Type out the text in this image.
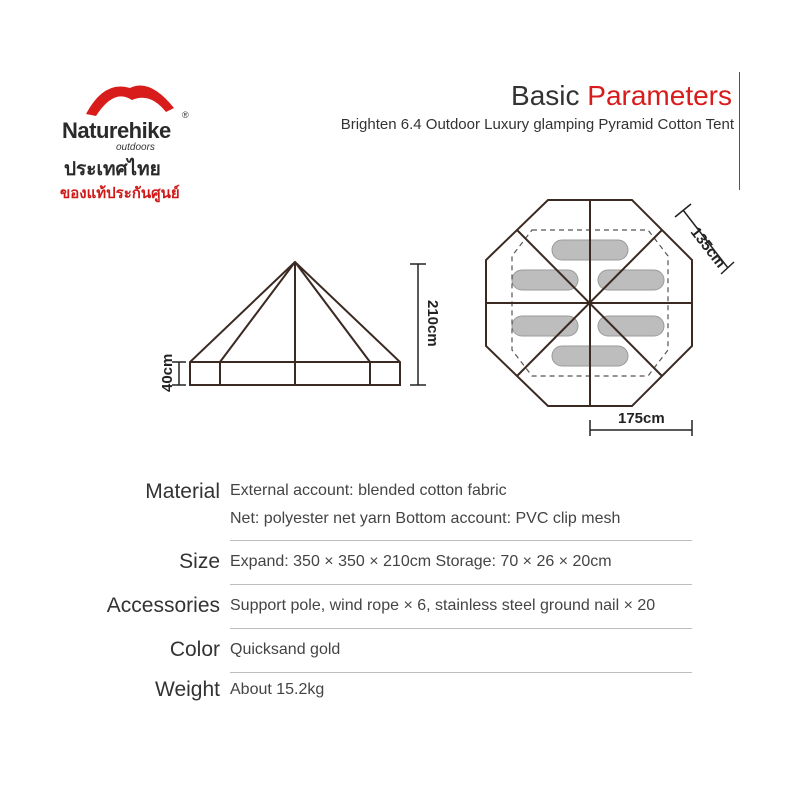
Naturehike
®
outdoors
ประเทศไทย
ของแท้ประกันศูนย์
Basic Parameters
Brighten 6.4 Outdoor Luxury glamping Pyramid Cotton Tent
210cm
40cm
135cm
175cm
Material External account: blended cotton fabric
Net: polyester net yarn Bottom account: PVC clip mesh
Size Expand: 350 × 350 × 210cm Storage: 70 × 26 × 20cm
Accessories Support pole, wind rope × 6, stainless steel ground nail × 20
Color Quicksand gold
Weight About 15.2kg
